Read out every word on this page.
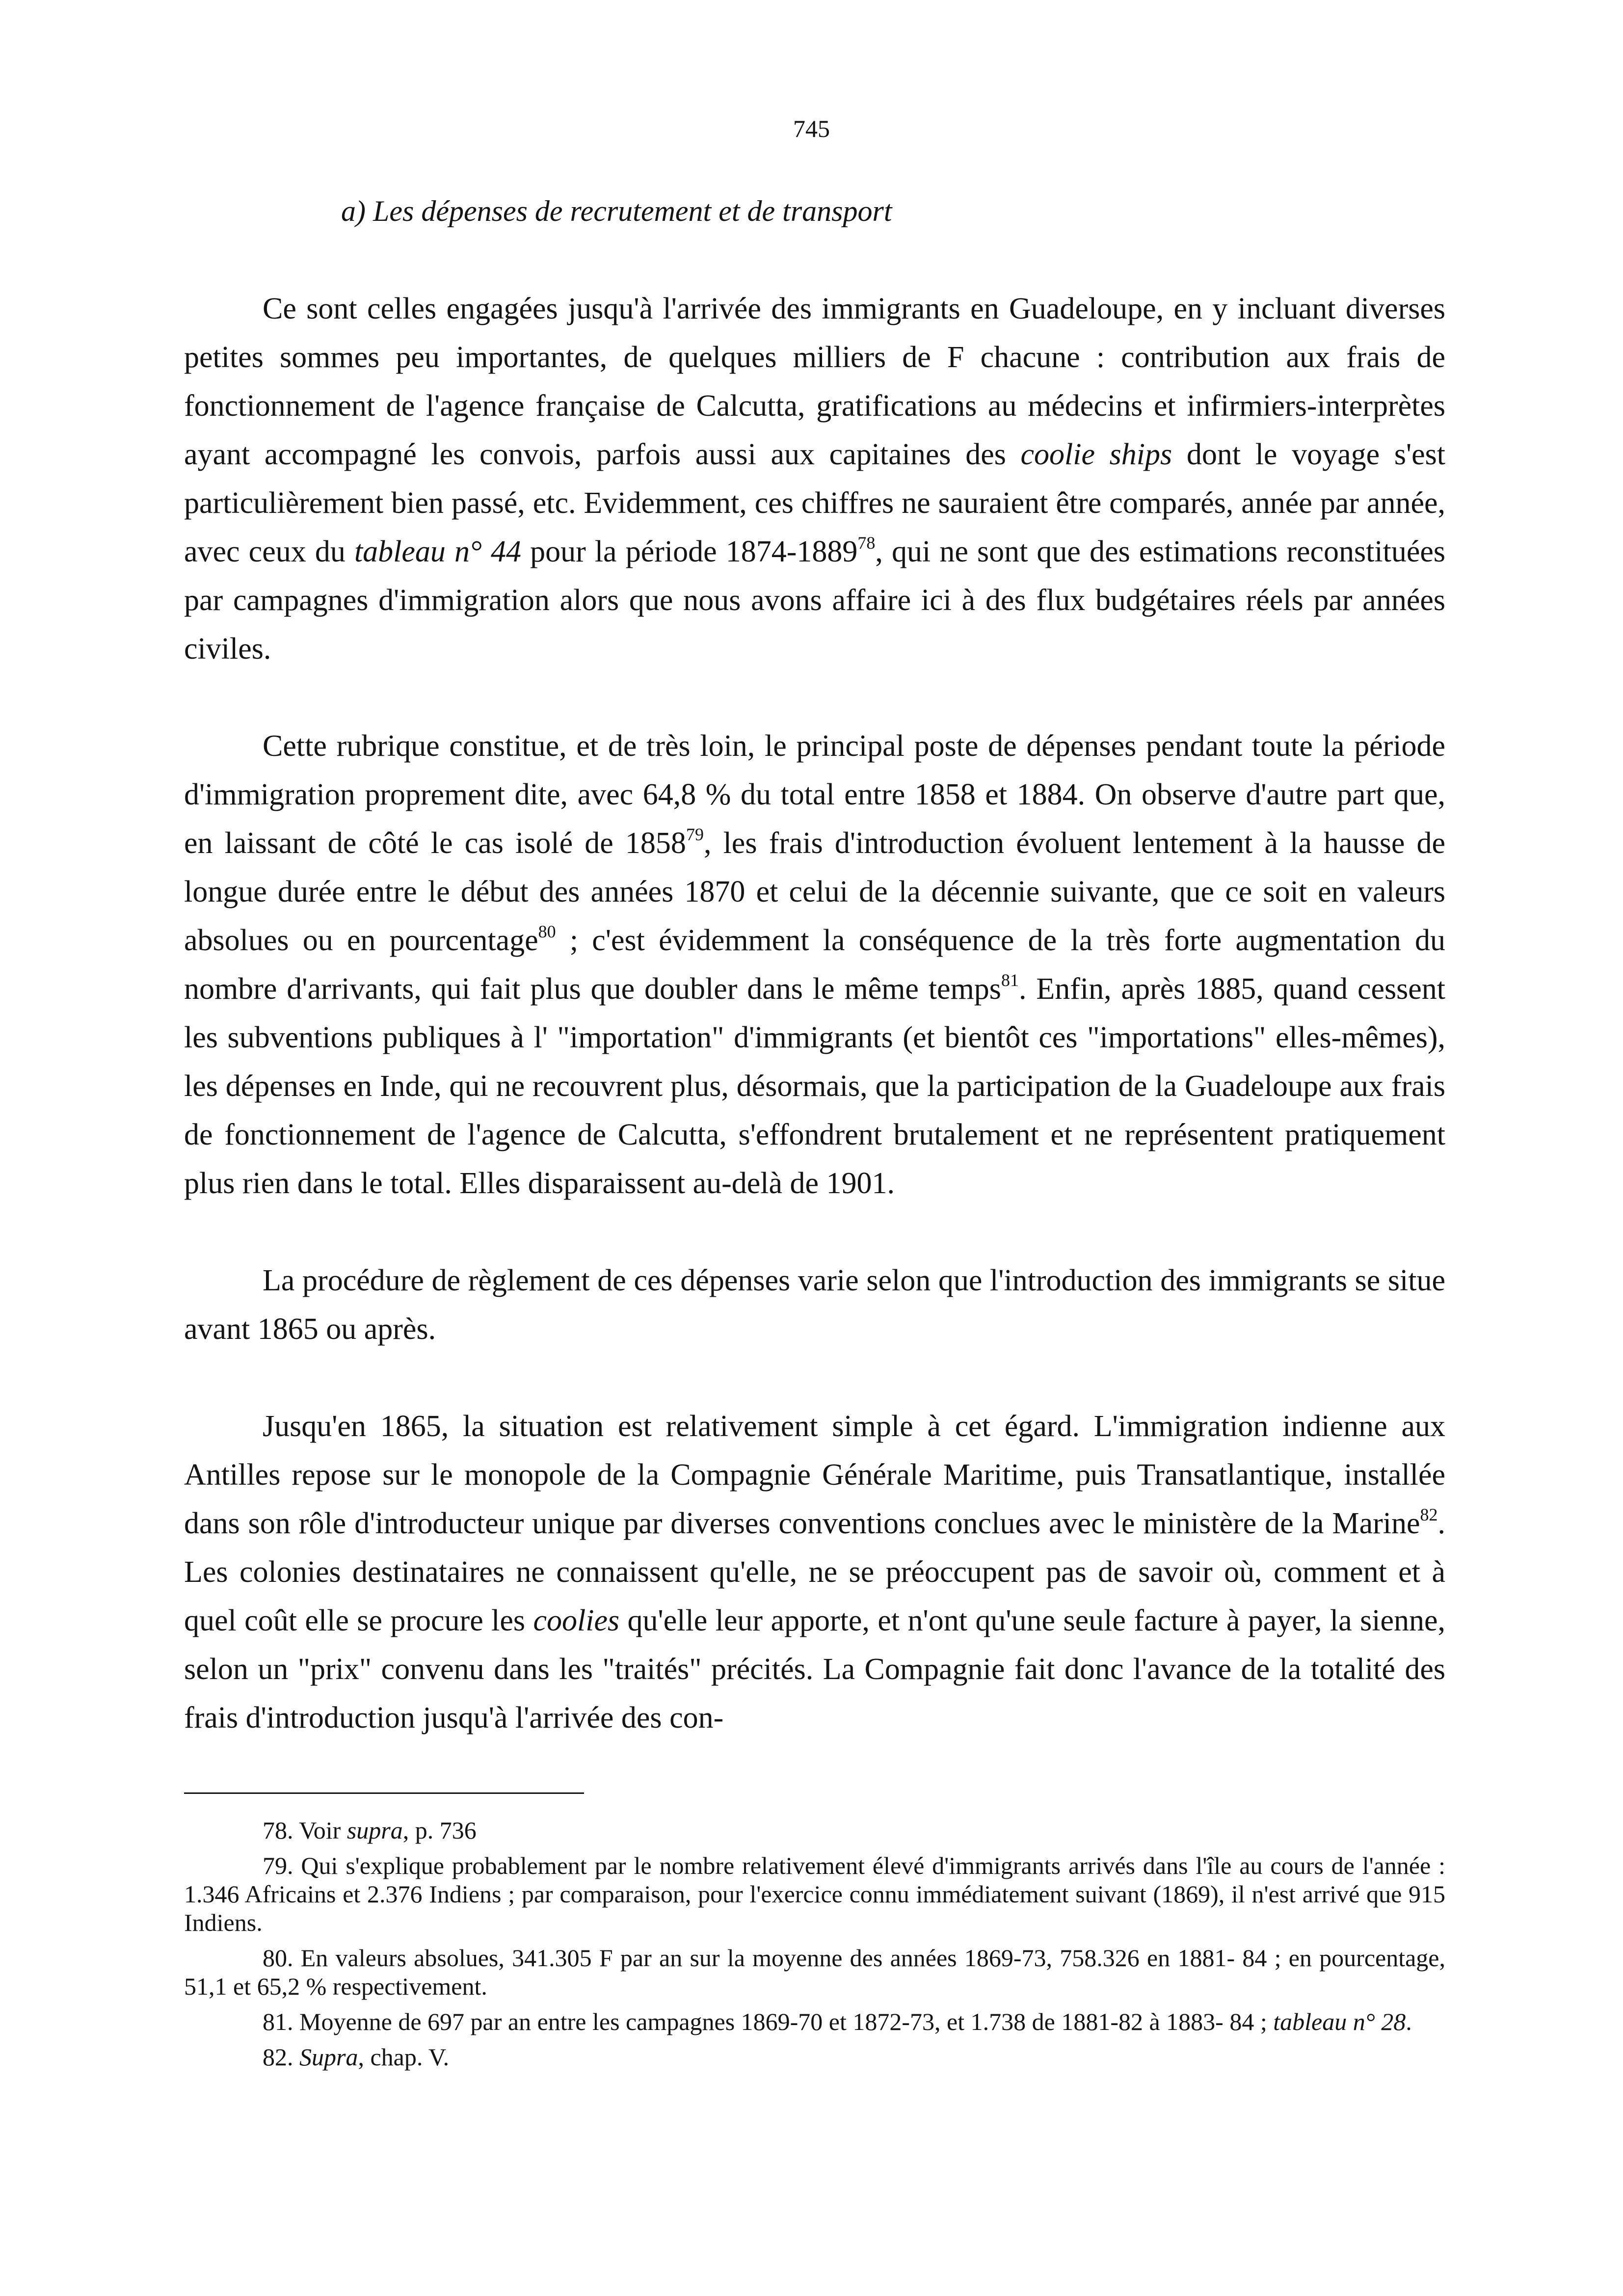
745
a) Les dépenses de recrutement et de transport

Ce sont celles engagées jusqu'à l'arrivée des immigrants en Guadeloupe, en y incluant diverses petites sommes peu importantes, de quelques milliers de F chacune : contribution aux frais de fonctionnement de l'agence française de Calcutta, gratifications au médecins et infirmiers-interprètes ayant accompagné les convois, parfois aussi aux capitaines des coolie ships dont le voyage s'est particulièrement bien passé, etc. Evidemment, ces chiffres ne sauraient être comparés, année par année, avec ceux du tableau n° 44 pour la période 1874-1889$^{78}$, qui ne sont que des estimations reconstituées par campagnes d'immigration alors que nous avons affaire ici à des flux budgétaires réels par années civiles.

Cette rubrique constitue, et de très loin, le principal poste de dépenses pendant toute la période d'immigration proprement dite, avec 64,8 % du total entre 1858 et 1884. On observe d'autre part que, en laissant de côté le cas isolé de 1858$^{79}$, les frais d'introduction évoluent lentement à la hausse de longue durée entre le début des années 1870 et celui de la décennie suivante, que ce soit en valeurs absolues ou en pourcentage$^{80}$ ; c'est évidemment la conséquence de la très forte augmentation du nombre d'arrivants, qui fait plus que doubler dans le même temps$^{81}$. Enfin, après 1885, quand cessent les subventions publiques à l' "importation" d'immigrants (et bientôt ces "importations" elles-mêmes), les dépenses en Inde, qui ne recouvrent plus, désormais, que la participation de la Guadeloupe aux frais de fonctionnement de l'agence de Calcutta, s'effondrent brutalement et ne représentent pratiquement plus rien dans le total. Elles disparaissent au-delà de 1901.

La procédure de règlement de ces dépenses varie selon que l'introduction des immigrants se situe avant 1865 ou après.

Jusqu'en 1865, la situation est relativement simple à cet égard. L'immigration indienne aux Antilles repose sur le monopole de la Compagnie Générale Maritime, puis Transatlantique, installée dans son rôle d'introducteur unique par diverses conventions conclues avec le ministère de la Marine$^{82}$. Les colonies destinataires ne connaissent qu'elle, ne se préoccupent pas de savoir où, comment et à quel coût elle se procure les coolies qu'elle leur apporte, et n'ont qu'une seule facture à payer, la sienne, selon un "prix" convenu dans les "traités" précités. La Compagnie fait donc l'avance de la totalité des frais d'introduction jusqu'à l'arrivée des con-

78. Voir supra, p. 736

79. Qui s'explique probablement par le nombre relativement élevé d'immigrants arrivés dans l'île au cours de l'année : 1.346 Africains et 2.376 Indiens ; par comparaison, pour l'exercice connu immédiatement suivant (1869), il n'est arrivé que 915 Indiens.

80. En valeurs absolues, 341.305 F par an sur la moyenne des années 1869-73, 758.326 en 1881- 84 ; en pourcentage, 51,1 et 65,2 % respectivement.

81. Moyenne de 697 par an entre les campagnes 1869-70 et 1872-73, et 1.738 de 1881-82 à 1883- 84 ; tableau n° 28.

82. Supra, chap. V.
